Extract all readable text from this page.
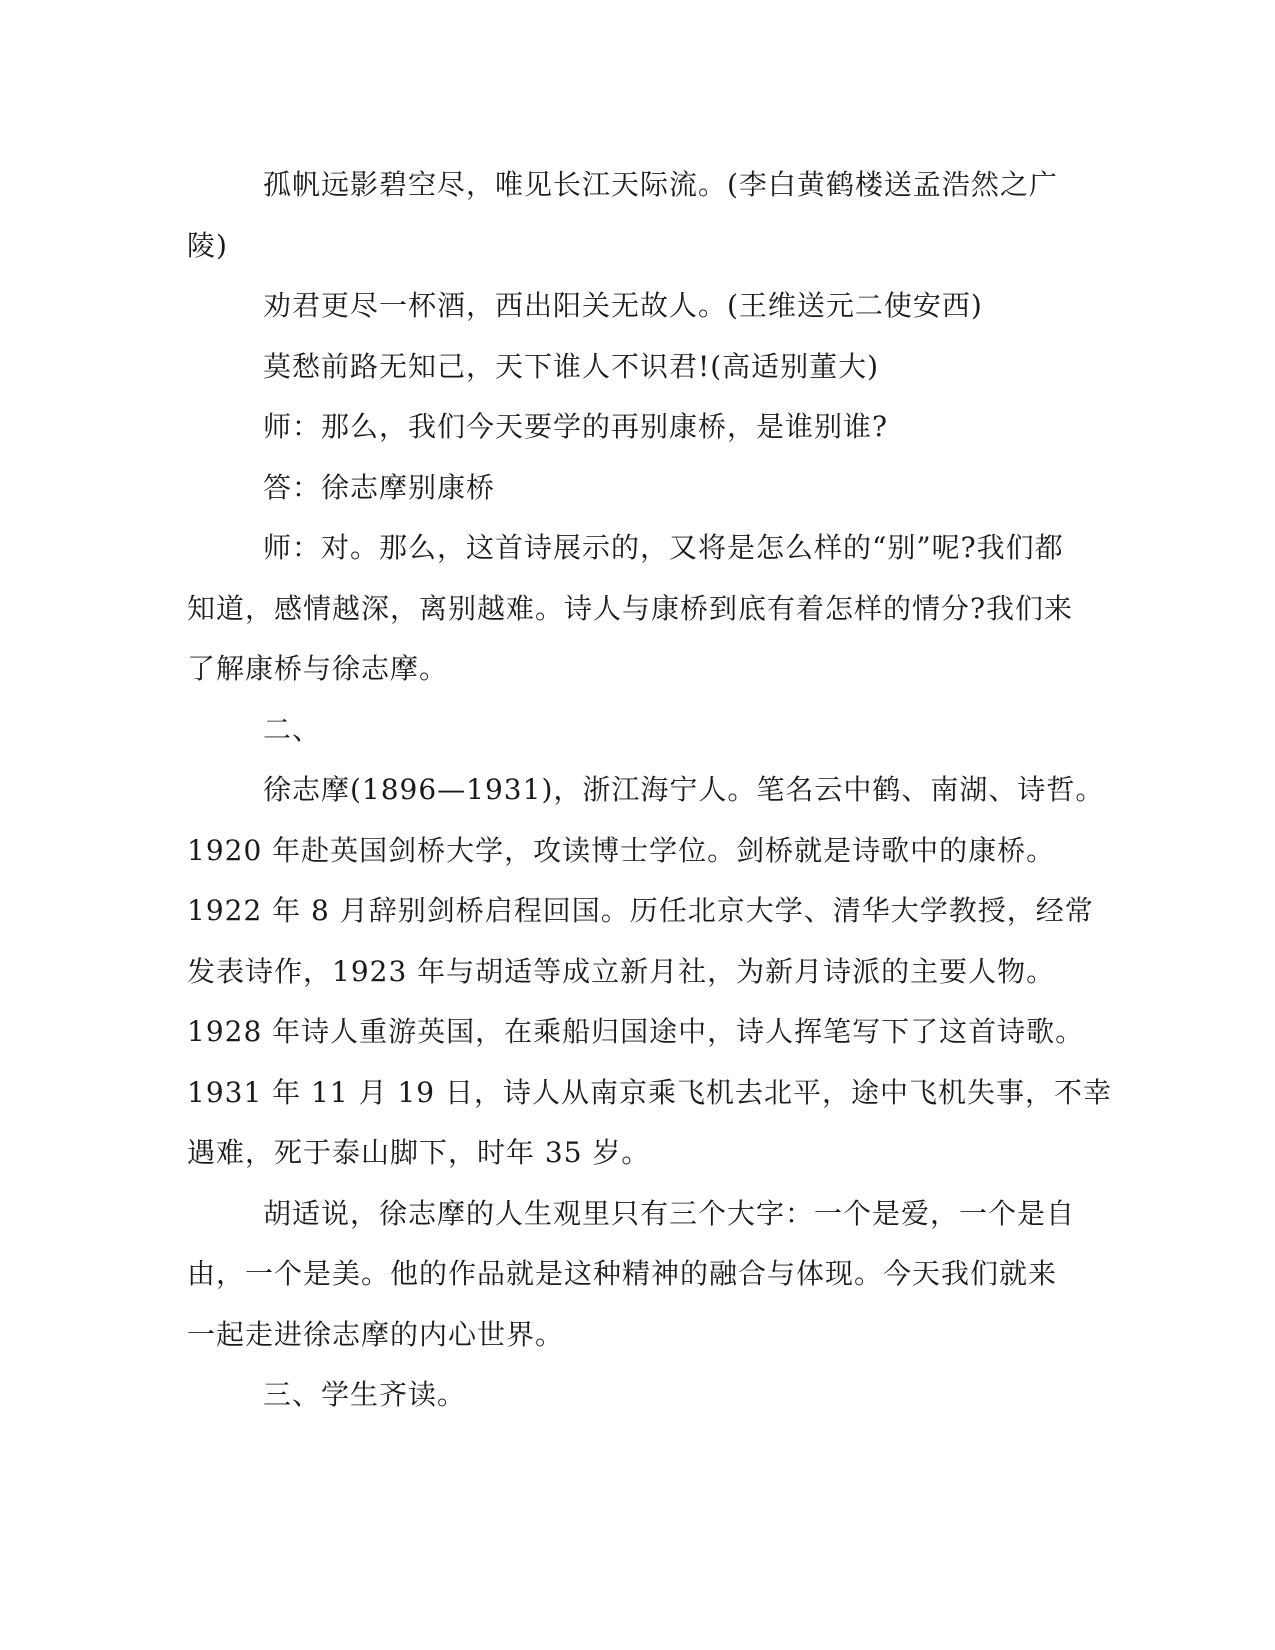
孤帆远影碧空尽，唯见长江天际流。(李白黄鹤楼送孟浩然之广
陵)
劝君更尽一杯酒，西出阳关无故人。(王维送元二使安西)
莫愁前路无知己，天下谁人不识君!(高适别董大)
师：那么，我们今天要学的再别康桥，是谁别谁?
答：徐志摩别康桥
师：对。那么，这首诗展示的，又将是怎么样的“别”呢?我们都
知道，感情越深，离别越难。诗人与康桥到底有着怎样的情分?我们来
了解康桥与徐志摩。
二、
徐志摩(1896—1931)，浙江海宁人。笔名云中鹤、南湖、诗哲。
1920 年赴英国剑桥大学，攻读博士学位。剑桥就是诗歌中的康桥。
1922 年 8 月辞别剑桥启程回国。历任北京大学、清华大学教授，经常
发表诗作，1923 年与胡适等成立新月社，为新月诗派的主要人物。
1928 年诗人重游英国，在乘船归国途中，诗人挥笔写下了这首诗歌。
1931 年 11 月 19 日，诗人从南京乘飞机去北平，途中飞机失事，不幸
遇难，死于泰山脚下，时年 35 岁。
胡适说，徐志摩的人生观里只有三个大字：一个是爱，一个是自
由，一个是美。他的作品就是这种精神的融合与体现。今天我们就来
一起走进徐志摩的内心世界。
三、学生齐读。
